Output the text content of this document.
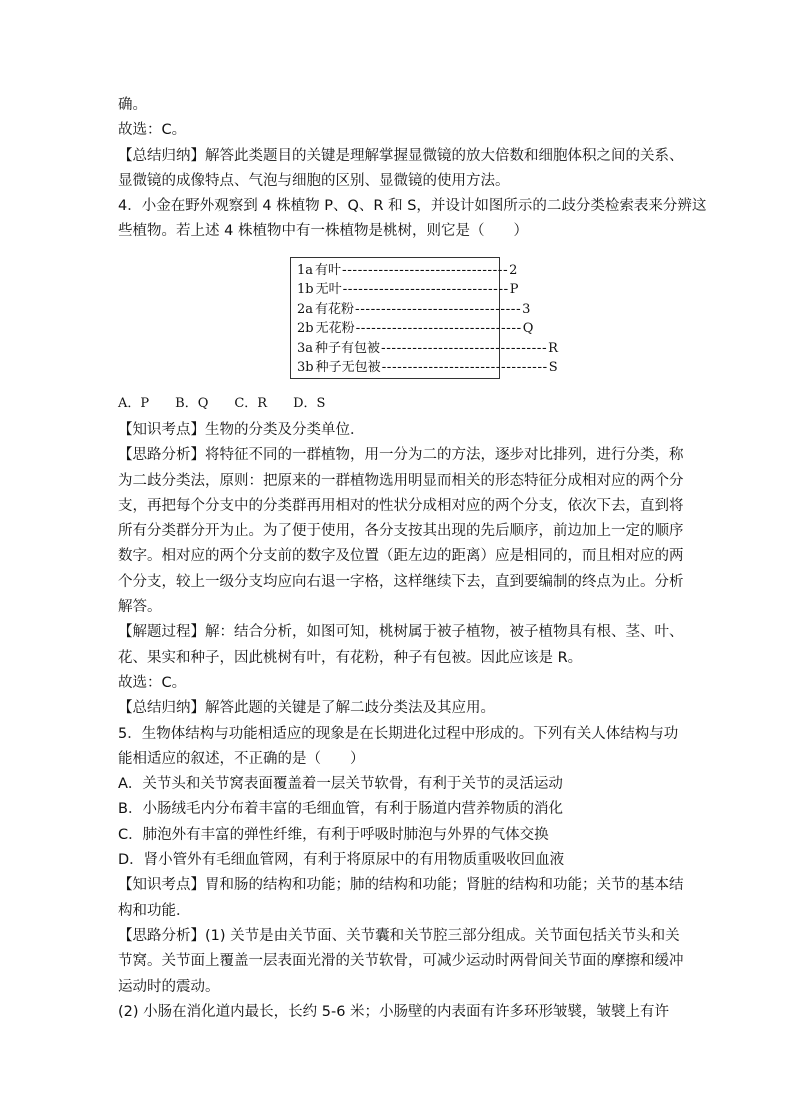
确。
故选：C。
【总结归纳】解答此类题目的关键是理解掌握显微镜的放大倍数和细胞体积之间的关系、
显微镜的成像特点、气泡与细胞的区别、显微镜的使用方法。
4．小金在野外观察到 4 株植物 P、Q、R 和 S，并设计如图所示的二歧分类检索表来分辨这
些植物。若上述 4 株植物中有一株植物是桃树，则它是（　　）
1a 有叶 -------------------------------- 2
1b 无叶 -------------------------------- P
2a 有花粉 -------------------------------- 3
2b 无花粉 -------------------------------- Q
3a 种子有包被 -------------------------------- R
3b 种子无包被 -------------------------------- S
A．P　　B．Q　　C．R　　D．S
【知识考点】生物的分类及分类单位．
【思路分析】将特征不同的一群植物，用一分为二的方法，逐步对比排列，进行分类，称
为二歧分类法，原则：把原来的一群植物选用明显而相关的形态特征分成相对应的两个分
支，再把每个分支中的分类群再用相对的性状分成相对应的两个分支，依次下去，直到将
所有分类群分开为止。为了便于使用，各分支按其出现的先后顺序，前边加上一定的顺序
数字。相对应的两个分支前的数字及位置（距左边的距离）应是相同的，而且相对应的两
个分支，较上一级分支均应向右退一字格，这样继续下去，直到要编制的终点为止。分析
解答。
【解题过程】解：结合分析，如图可知，桃树属于被子植物，被子植物具有根、茎、叶、
花、果实和种子，因此桃树有叶，有花粉，种子有包被。因此应该是 R。
故选：C。
【总结归纳】解答此题的关键是了解二歧分类法及其应用。
5．生物体结构与功能相适应的现象是在长期进化过程中形成的。下列有关人体结构与功
能相适应的叙述，不正确的是（　　）
A．关节头和关节窝表面覆盖着一层关节软骨，有利于关节的灵活运动
B．小肠绒毛内分布着丰富的毛细血管，有利于肠道内营养物质的消化
C．肺泡外有丰富的弹性纤维，有利于呼吸时肺泡与外界的气体交换
D．肾小管外有毛细血管网，有利于将原尿中的有用物质重吸收回血液
【知识考点】胃和肠的结构和功能；肺的结构和功能；肾脏的结构和功能；关节的基本结
构和功能．
【思路分析】(1) 关节是由关节面、关节囊和关节腔三部分组成。关节面包括关节头和关
节窝。关节面上覆盖一层表面光滑的关节软骨，可减少运动时两骨间关节面的摩擦和缓冲
运动时的震动。
(2) 小肠在消化道内最长，长约 5-6 米；小肠壁的内表面有许多环形皱襞，皱襞上有许
